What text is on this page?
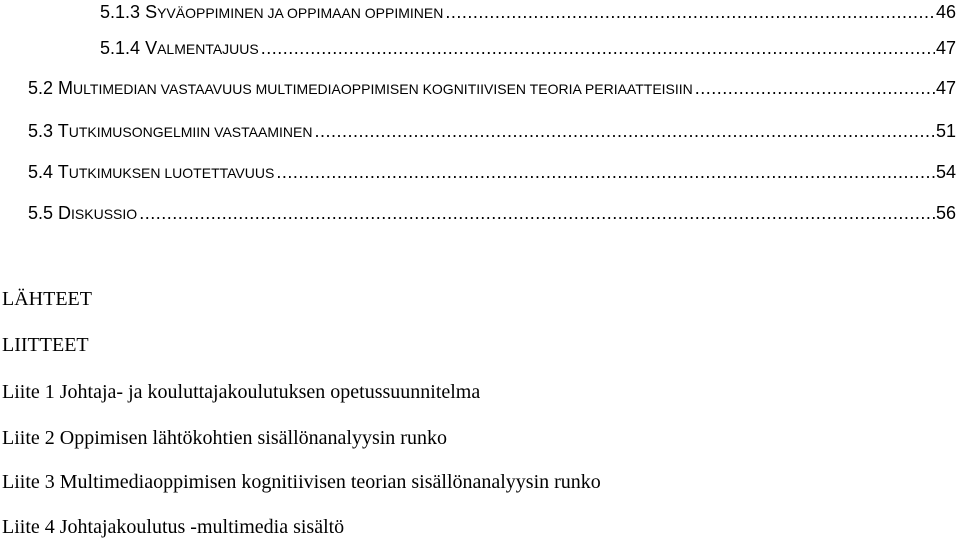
5.1.3 SYVÄOPPIMINEN JA OPPIMAAN OPPIMINEN .....	46
5.1.4 VALMENTAJUUS .....	47
5.2 MULTIMEDIAN VASTAAVUUS MULTIMEDIAOPPIMISEN KOGNITIIVISEN TEORIA PERIAATTEISIIN .....	47
5.3 TUTKIMUSONGELMIIN VASTAAMINEN .....	51
5.4 TUTKIMUKSEN LUOTETTAVUUS .....	54
5.5 DISKUSSIO .....	56
LÄHTEET
LIITTEET
Liite 1 Johtaja- ja kouluttajakoulutuksen opetussuunnitelma
Liite 2 Oppimisen lähtökohtien sisällönanalyysin runko
Liite 3 Multimediaoppimisen kognitiivisen teorian sisällönanalyysin runko
Liite 4 Johtajakoulutus -multimedia sisältö
